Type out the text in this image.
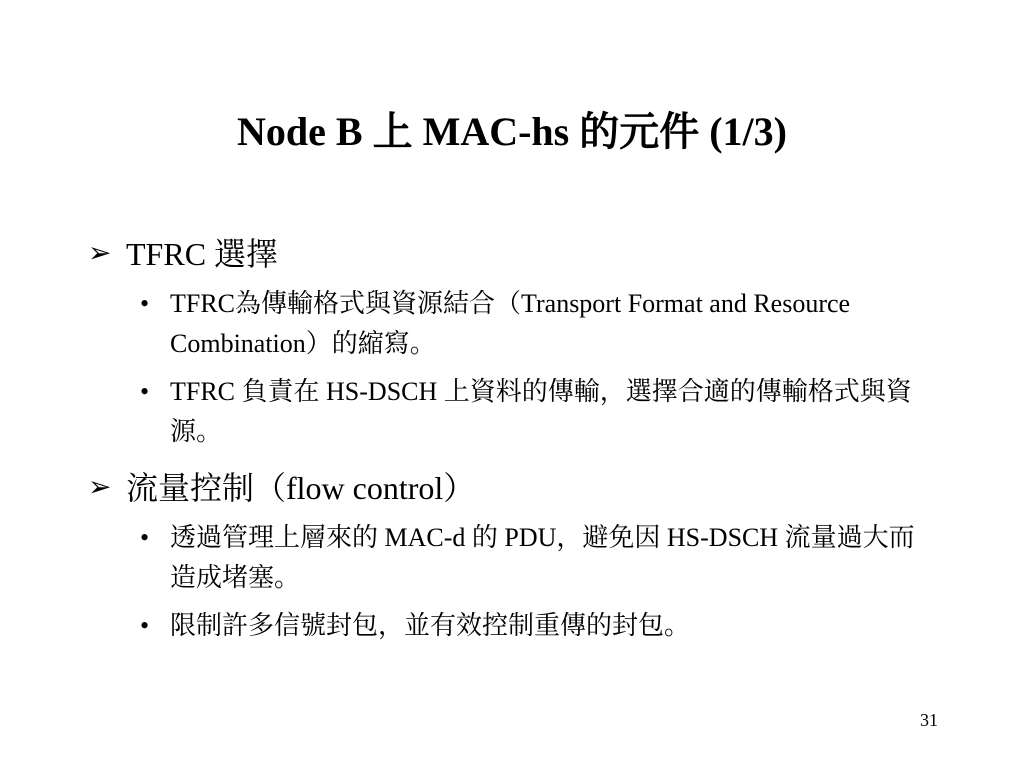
Node B 上 MAC-hs 的元件 (1/3)
➢ TFRC 選擇
• TFRC為傳輸格式與資源結合（Transport Format and Resource Combination）的縮寫。
• TFRC 負責在 HS-DSCH 上資料的傳輸，選擇合適的傳輸格式與資源。
➢ 流量控制（flow control）
• 透過管理上層來的 MAC-d 的 PDU，避免因 HS-DSCH 流量過大而造成堵塞。
• 限制許多信號封包，並有效控制重傳的封包。
31
